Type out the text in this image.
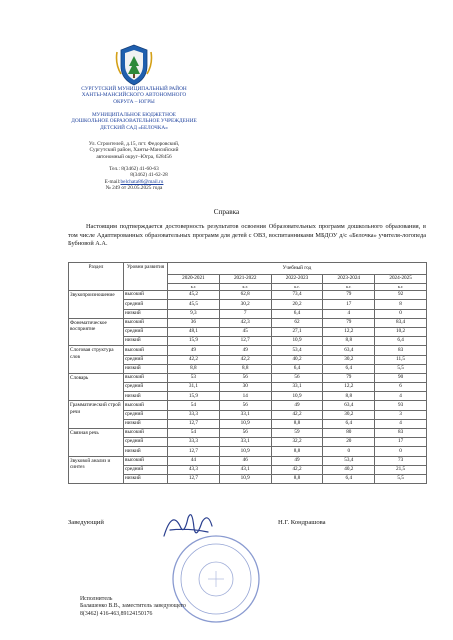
СУРГУТСКИЙ МУНИЦИПАЛЬНЫЙ РАЙОН
ХАНТЫ-МАНСИЙСКОГО АВТОНОМНОГО
ОКРУГА – ЮГРЫ
МУНИЦИПАЛЬНОЕ БЮДЖЕТНОЕ
ДОШКОЛЬНОЕ ОБРАЗОВАТЕЛЬНОЕ УЧРЕЖДЕНИЕ
ДЕТСКИЙ САД «БЕЛОЧКА»
Ул. Строителей, д.15, пгт. Федоровский,
Сургутский район, Ханты-Мансийский
автономный округ–Югра, 628456
Тел.: 8(3462) 41-60-63
8(3462) 41-62-28
E-mail:belchata86@mail.ru
№ 249 от 20.05.2025 года
Справка
Настоящим подтверждается достоверность результатов освоения Образовательных программ дошкольного образования, в том числе Адаптированных образовательных программ для детей с ОВЗ, воспитанниками МБДОУ д/с «Белочка» учителя-логопеда Бубновой А.А.
Раздел	Уровни развития	Учебный год				
		2020-2021	2021-2022	2022-2023	2023-2024	2024-2025
		к.г.	к.г.	к.г.	к.г.	к.г.
Звукопроизношение	высокий	45,2	62,8	73,4	79	92
	средний	45,5	30,2	20,2	17	8
	низкий	9,3	7	6,4	4	0
Фонематическое восприятие	высокий	36	42,3	62	79	83,4
	средний	48,1	45	27,1	12,2	10,2
	низкий	15,9	12,7	10,9	8,8	6,4
Слоговая структура слов	высокий	49	49	53,4	63,4	83
	средний	42,2	42,2	40,2	30,2	11,5
	низкий	8,8	8,8	6,4	6,4	5,5
Словарь	высокий	53	56	56	79	90
	средний	31,1	30	33,1	12,2	6
	низкий	15,9	14	10,9	8,8	4
Грамматический строй речи	высокий	54	56	49	63,4	93
	средний	33,3	33,1	42,2	30,2	3
	низкий	12,7	10,9	8,8	6,4	4
Связная речь	высокий	54	56	59	80	83
	средний	33,3	33,1	32,2	20	17
	низкий	12,7	10,9	8,8	0	0
Звуковой анализ и синтез	высокий	44	46	49	53,4	73
	средний	43,3	43,1	42,2	40,2	21,5
	низкий	12,7	10,9	8,8	6,4	5,5
Заведующий	Н.Г. Кондрашова
Исполнитель
Балашенко В.В., заместитель заведующего
8(3462) 416-463,89124150176
